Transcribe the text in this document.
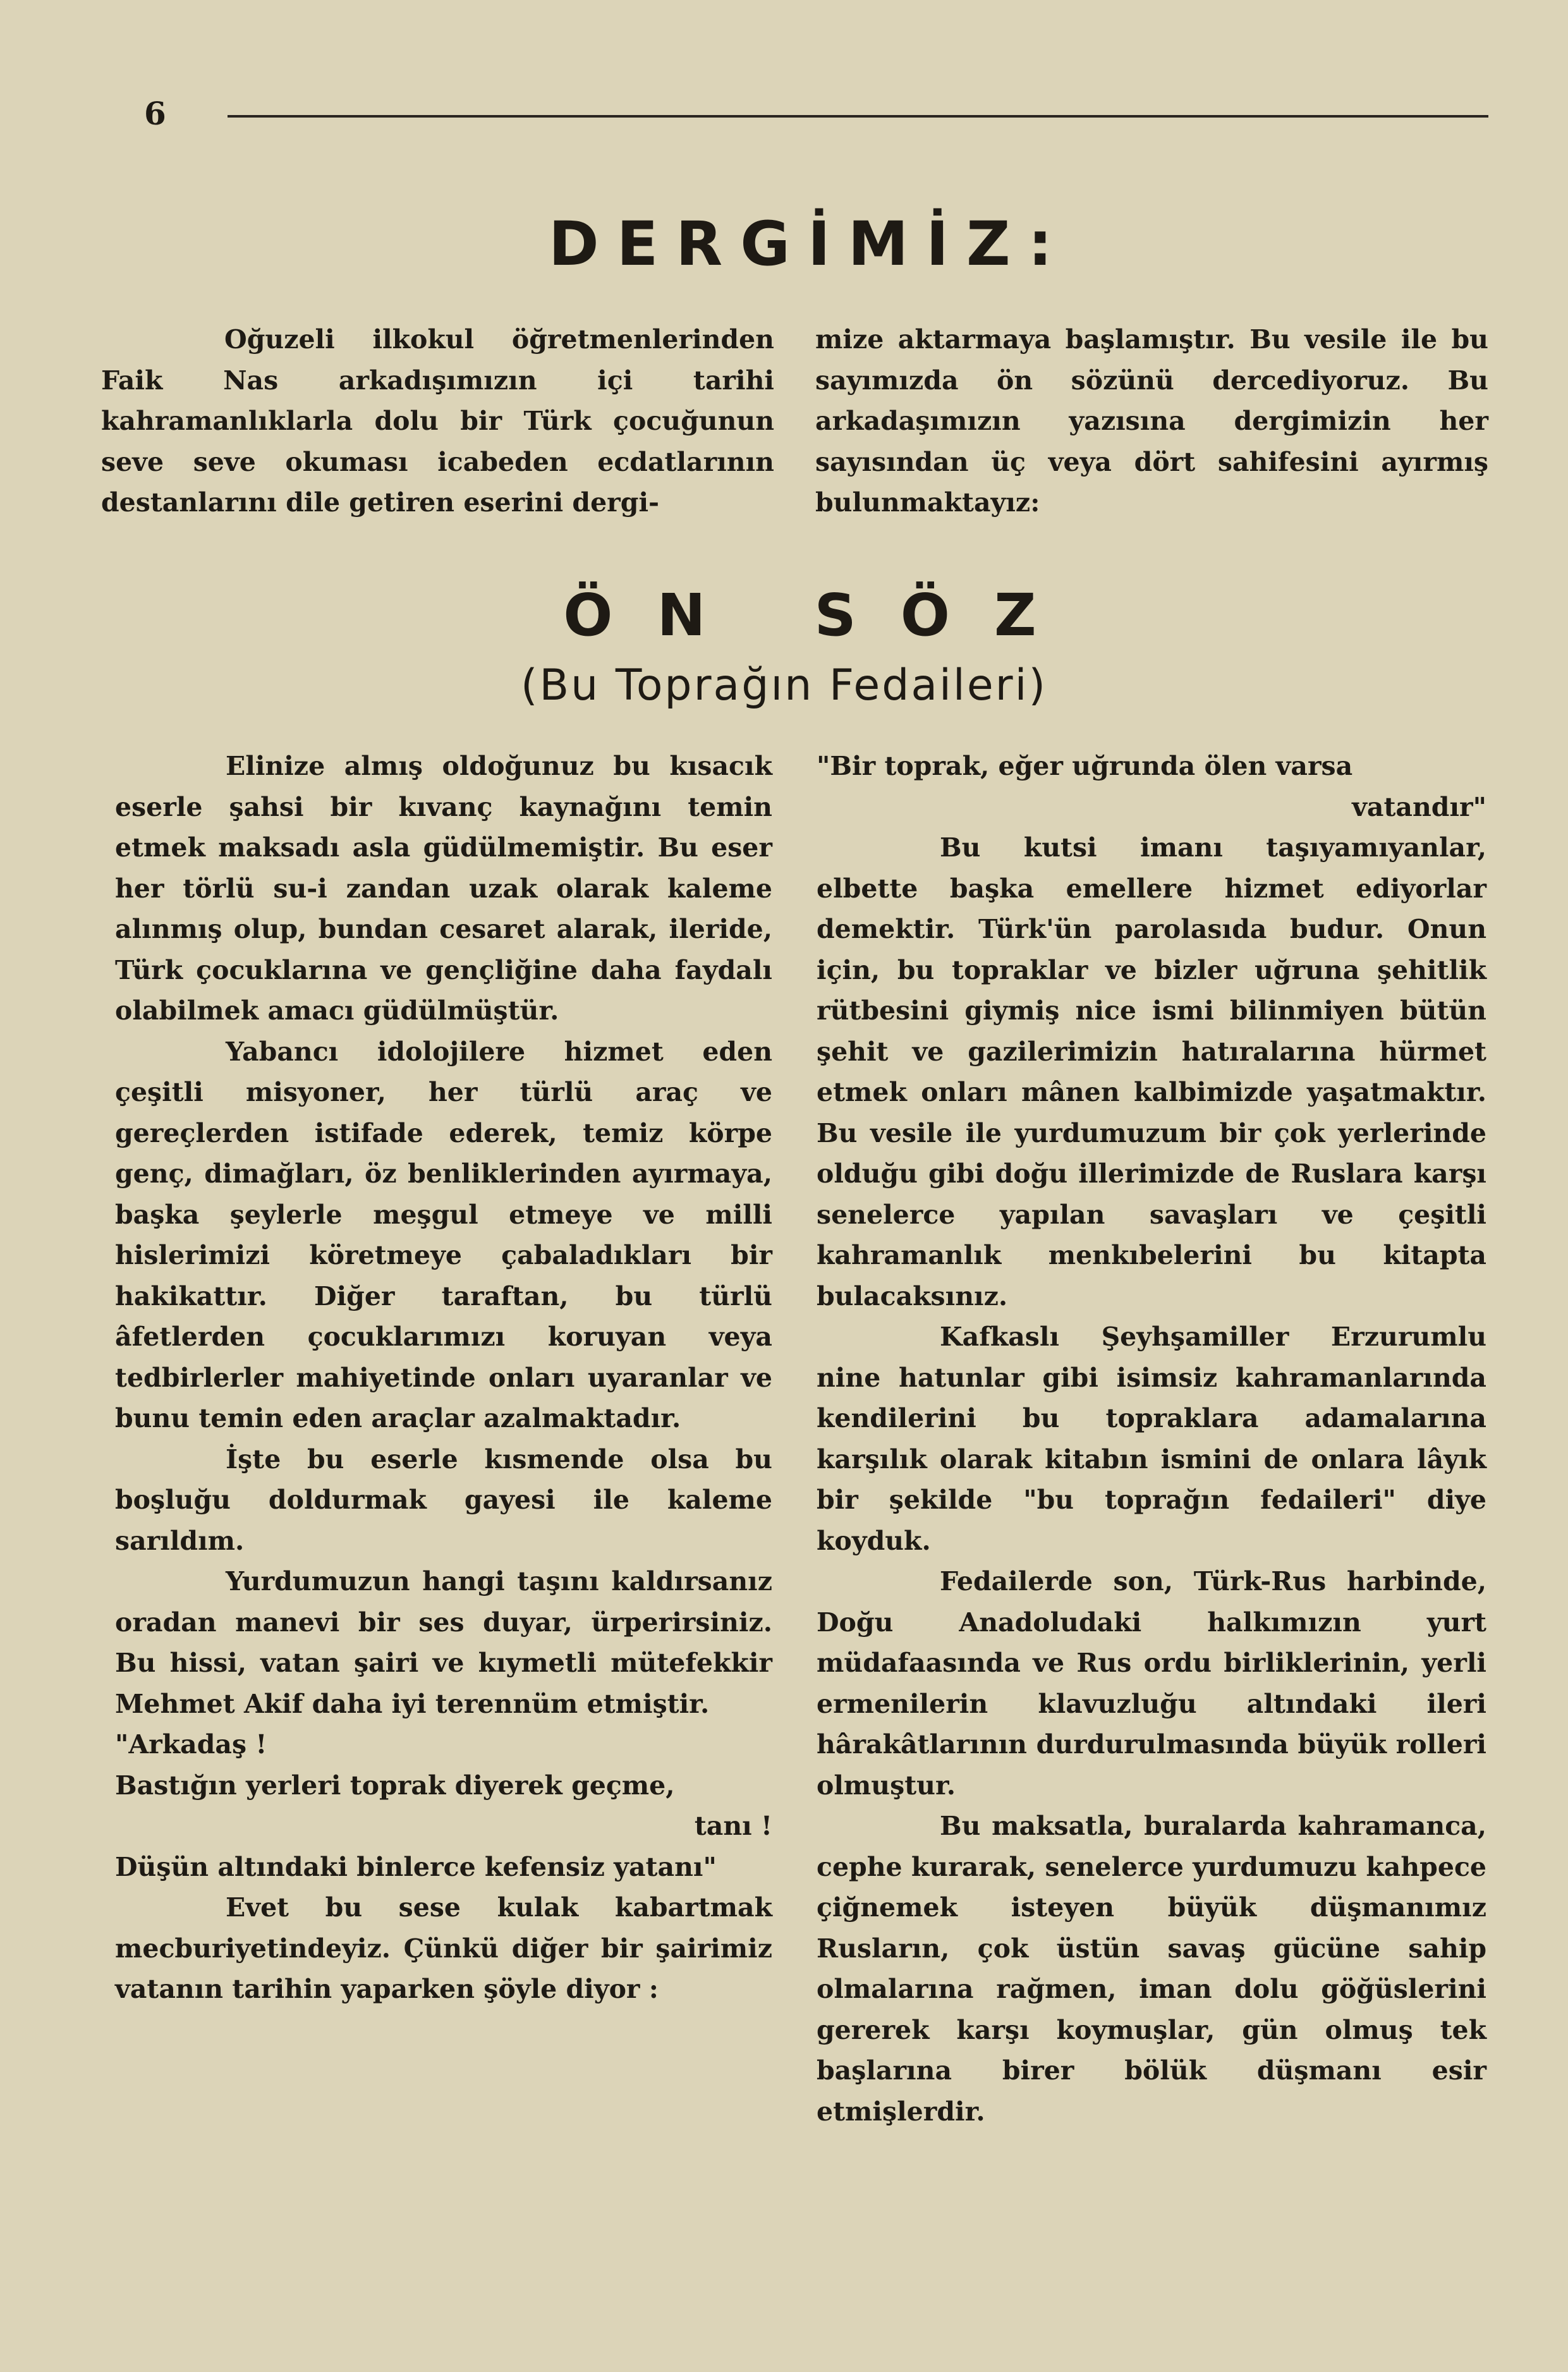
6
DERGİMİZ:

Oğuzeli ilkokul öğretmenlerinden Faik Nas arkadışımızın içi tarihi kahramanlıklarla dolu bir Türk çocuğunun seve seve okuması icabeden ecdatlarının destanlarını dile getiren eserini dergi-

mize aktarmaya başlamıştır. Bu vesile ile bu sayımızda ön sözünü dercediyoruz. Bu arkadaşımızın yazısına dergimizin her sayısından üç veya dört sahifesini ayırmış bulunmaktayız:

ÖN SÖZ
(Bu Toprağın Fedaileri)

Elinize almış oldoğunuz bu kısacık eserle şahsi bir kıvanç kaynağını temin etmek maksadı asla güdülmemiştir. Bu eser her törlü su-i zandan uzak olarak kaleme alınmış olup, bundan cesaret alarak, ileride, Türk çocuklarına ve gençliğine daha faydalı olabilmek amacı güdülmüştür.

Yabancı idolojilere hizmet eden çeşitli misyoner, her türlü araç ve gereçlerden istifade ederek, temiz körpe genç, dimağları, öz benliklerinden ayırmaya, başka şeylerle meşgul etmeye ve milli hislerimizi köretmeye çabaladıkları bir hakikattır. Diğer taraftan, bu türlü âfetlerden çocuklarımızı koruyan veya tedbirlerler mahiyetinde onları uyaranlar ve bunu temin eden araçlar azalmaktadır.

İşte bu eserle kısmende olsa bu boşluğu doldurmak gayesi ile kaleme sarıldım.

Yurdumuzun hangi taşını kaldırsanız oradan manevi bir ses duyar, ürperirsiniz. Bu hissi, vatan şairi ve kıymetli mütefekkir Mehmet Akif daha iyi terennüm etmiştir.

"Arkadaş !

Bastığın yerleri toprak diyerek geçme,

tanı !

Düşün altındaki binlerce kefensiz yatanı"

Evet bu sese kulak kabartmak mecburiyetindeyiz. Çünkü diğer bir şairimiz vatanın tarihin yaparken şöyle diyor :

"Bir toprak, eğer uğrunda ölen varsa

vatandır"

Bu kutsi imanı taşıyamıyanlar, elbette başka emellere hizmet ediyorlar demektir. Türk'ün parolasıda budur. Onun için, bu topraklar ve bizler uğruna şehitlik rütbesini giymiş nice ismi bilinmiyen bütün şehit ve gazilerimizin hatıralarına hürmet etmek onları mânen kalbimizde yaşatmaktır. Bu vesile ile yurdumuzum bir çok yerlerinde olduğu gibi doğu illerimizde de Ruslara karşı senelerce yapılan savaşları ve çeşitli kahramanlık menkıbelerini bu kitapta bulacaksınız.

Kafkaslı Şeyhşamiller Erzurumlu nine hatunlar gibi isimsiz kahramanlarında kendilerini bu topraklara adamalarına karşılık olarak kitabın ismini de onlara lâyık bir şekilde "bu toprağın fedaileri" diye koyduk.

Fedailerde son, Türk-Rus harbinde, Doğu Anadoludaki halkımızın yurt müdafaasında ve Rus ordu birliklerinin, yerli ermenilerin klavuzluğu altındaki ileri hârakâtlarının durdurulmasında büyük rolleri olmuştur.

Bu maksatla, buralarda kahramanca, cephe kurarak, senelerce yurdumuzu kahpece çiğnemek isteyen büyük düşmanımız Rusların, çok üstün savaş gücüne sahip olmalarına rağmen, iman dolu göğüslerini gererek karşı koymuşlar, gün olmuş tek başlarına birer bölük düşmanı esir etmişlerdir.
